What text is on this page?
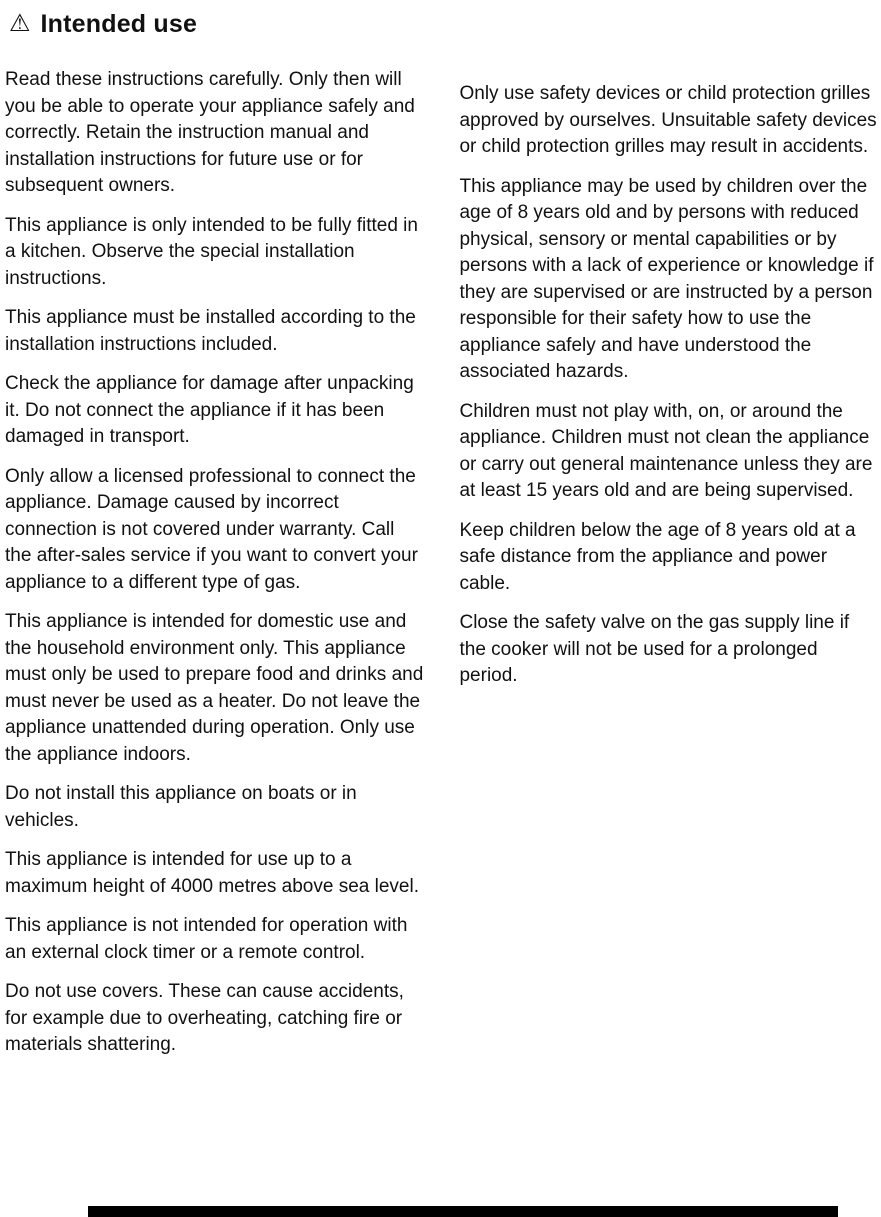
⚠ Intended use

Read these instructions carefully. Only then will you be able to operate your appliance safely and correctly. Retain the instruction manual and installation instructions for future use or for subsequent owners.

This appliance is only intended to be fully fitted in a kitchen. Observe the special installation instructions.

This appliance must be installed according to the installation instructions included.

Check the appliance for damage after unpacking it. Do not connect the appliance if it has been damaged in transport.

Only allow a licensed professional to connect the appliance. Damage caused by incorrect connection is not covered under warranty. Call the after-sales service if you want to convert your appliance to a different type of gas.

This appliance is intended for domestic use and the household environment only. This appliance must only be used to prepare food and drinks and must never be used as a heater. Do not leave the appliance unattended during operation. Only use the appliance indoors.

Do not install this appliance on boats or in vehicles.

This appliance is intended for use up to a maximum height of 4000 metres above sea level.

This appliance is not intended for operation with an external clock timer or a remote control.

Do not use covers. These can cause accidents, for example due to overheating, catching fire or materials shattering.

Only use safety devices or child protection grilles approved by ourselves. Unsuitable safety devices or child protection grilles may result in accidents.

This appliance may be used by children over the age of 8 years old and by persons with reduced physical, sensory or mental capabilities or by persons with a lack of experience or knowledge if they are supervised or are instructed by a person responsible for their safety how to use the appliance safely and have understood the associated hazards.

Children must not play with, on, or around the appliance. Children must not clean the appliance or carry out general maintenance unless they are at least 15 years old and are being supervised.

Keep children below the age of 8 years old at a safe distance from the appliance and power cable.

Close the safety valve on the gas supply line if the cooker will not be used for a prolonged period.
